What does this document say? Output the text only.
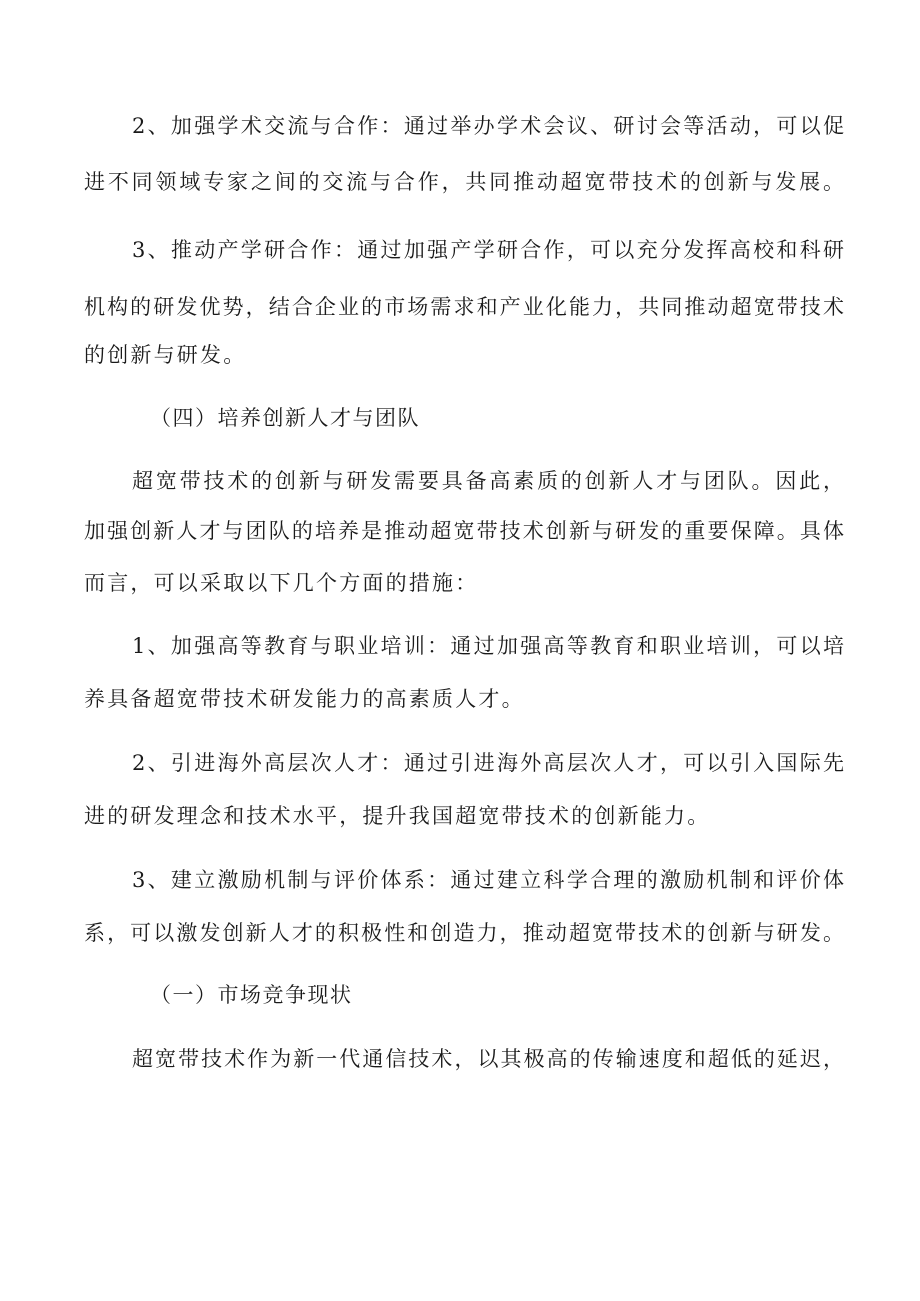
2、加强学术交流与合作：通过举办学术会议、研讨会等活动，可以促
进不同领域专家之间的交流与合作，共同推动超宽带技术的创新与发展。
3、推动产学研合作：通过加强产学研合作，可以充分发挥高校和科研
机构的研发优势，结合企业的市场需求和产业化能力，共同推动超宽带技术
的创新与研发。
（四）培养创新人才与团队
超宽带技术的创新与研发需要具备高素质的创新人才与团队。因此，
加强创新人才与团队的培养是推动超宽带技术创新与研发的重要保障。具体
而言，可以采取以下几个方面的措施：
1、加强高等教育与职业培训：通过加强高等教育和职业培训，可以培
养具备超宽带技术研发能力的高素质人才。
2、引进海外高层次人才：通过引进海外高层次人才，可以引入国际先
进的研发理念和技术水平，提升我国超宽带技术的创新能力。
3、建立激励机制与评价体系：通过建立科学合理的激励机制和评价体
系，可以激发创新人才的积极性和创造力，推动超宽带技术的创新与研发。
（一）市场竞争现状
超宽带技术作为新一代通信技术，以其极高的传输速度和超低的延迟，
